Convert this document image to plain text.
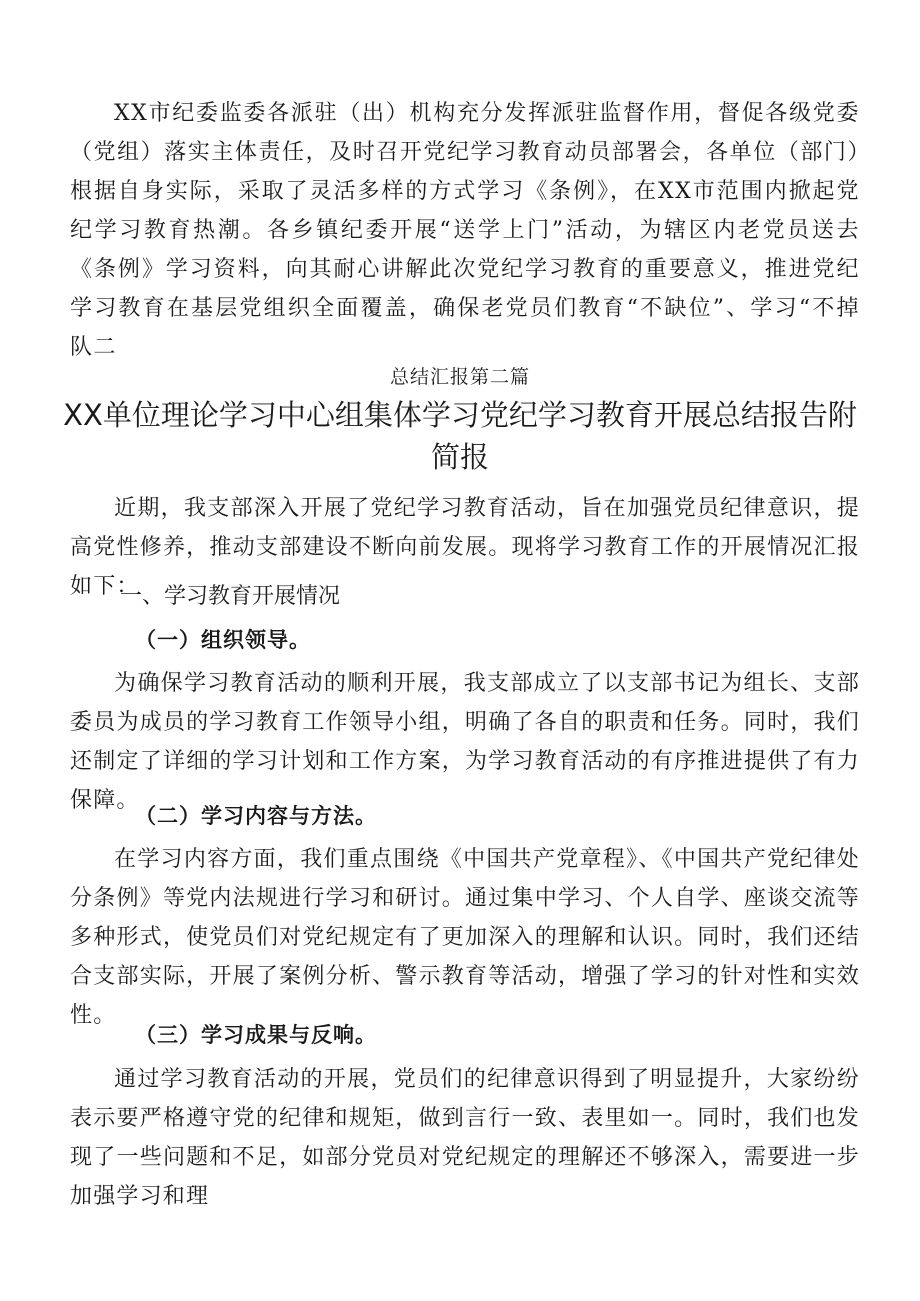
XX市纪委监委各派驻（出）机构充分发挥派驻监督作用，督促各级党委（党组）落实主体责任，及时召开党纪学习教育动员部署会，各单位（部门）根据自身实际，采取了灵活多样的方式学习《条例》，在XX市范围内掀起党纪学习教育热潮。各乡镇纪委开展“送学上门”活动，为辖区内老党员送去《条例》学习资料，向其耐心讲解此次党纪学习教育的重要意义，推进党纪学习教育在基层党组织全面覆盖，确保老党员们教育“不缺位”、学习“不掉队二

总结汇报第二篇

XX单位理论学习中心组集体学习党纪学习教育开展总结报告附简报

近期，我支部深入开展了党纪学习教育活动，旨在加强党员纪律意识，提高党性修养，推动支部建设不断向前发展。现将学习教育工作的开展情况汇报如下：

一、学习教育开展情况
（一）组织领导。

为确保学习教育活动的顺利开展，我支部成立了以支部书记为组长、支部委员为成员的学习教育工作领导小组，明确了各自的职责和任务。同时，我们还制定了详细的学习计划和工作方案，为学习教育活动的有序推进提供了有力保障。

（二）学习内容与方法。

在学习内容方面，我们重点围绕《中国共产党章程》、《中国共产党纪律处分条例》等党内法规进行学习和研讨。通过集中学习、个人自学、座谈交流等多种形式，使党员们对党纪规定有了更加深入的理解和认识。同时，我们还结合支部实际，开展了案例分析、警示教育等活动，增强了学习的针对性和实效性。

（三）学习成果与反响。

通过学习教育活动的开展，党员们的纪律意识得到了明显提升，大家纷纷表示要严格遵守党的纪律和规矩，做到言行一致、表里如一。同时，我们也发现了一些问题和不足，如部分党员对党纪规定的理解还不够深入，需要进一步加强学习和理
